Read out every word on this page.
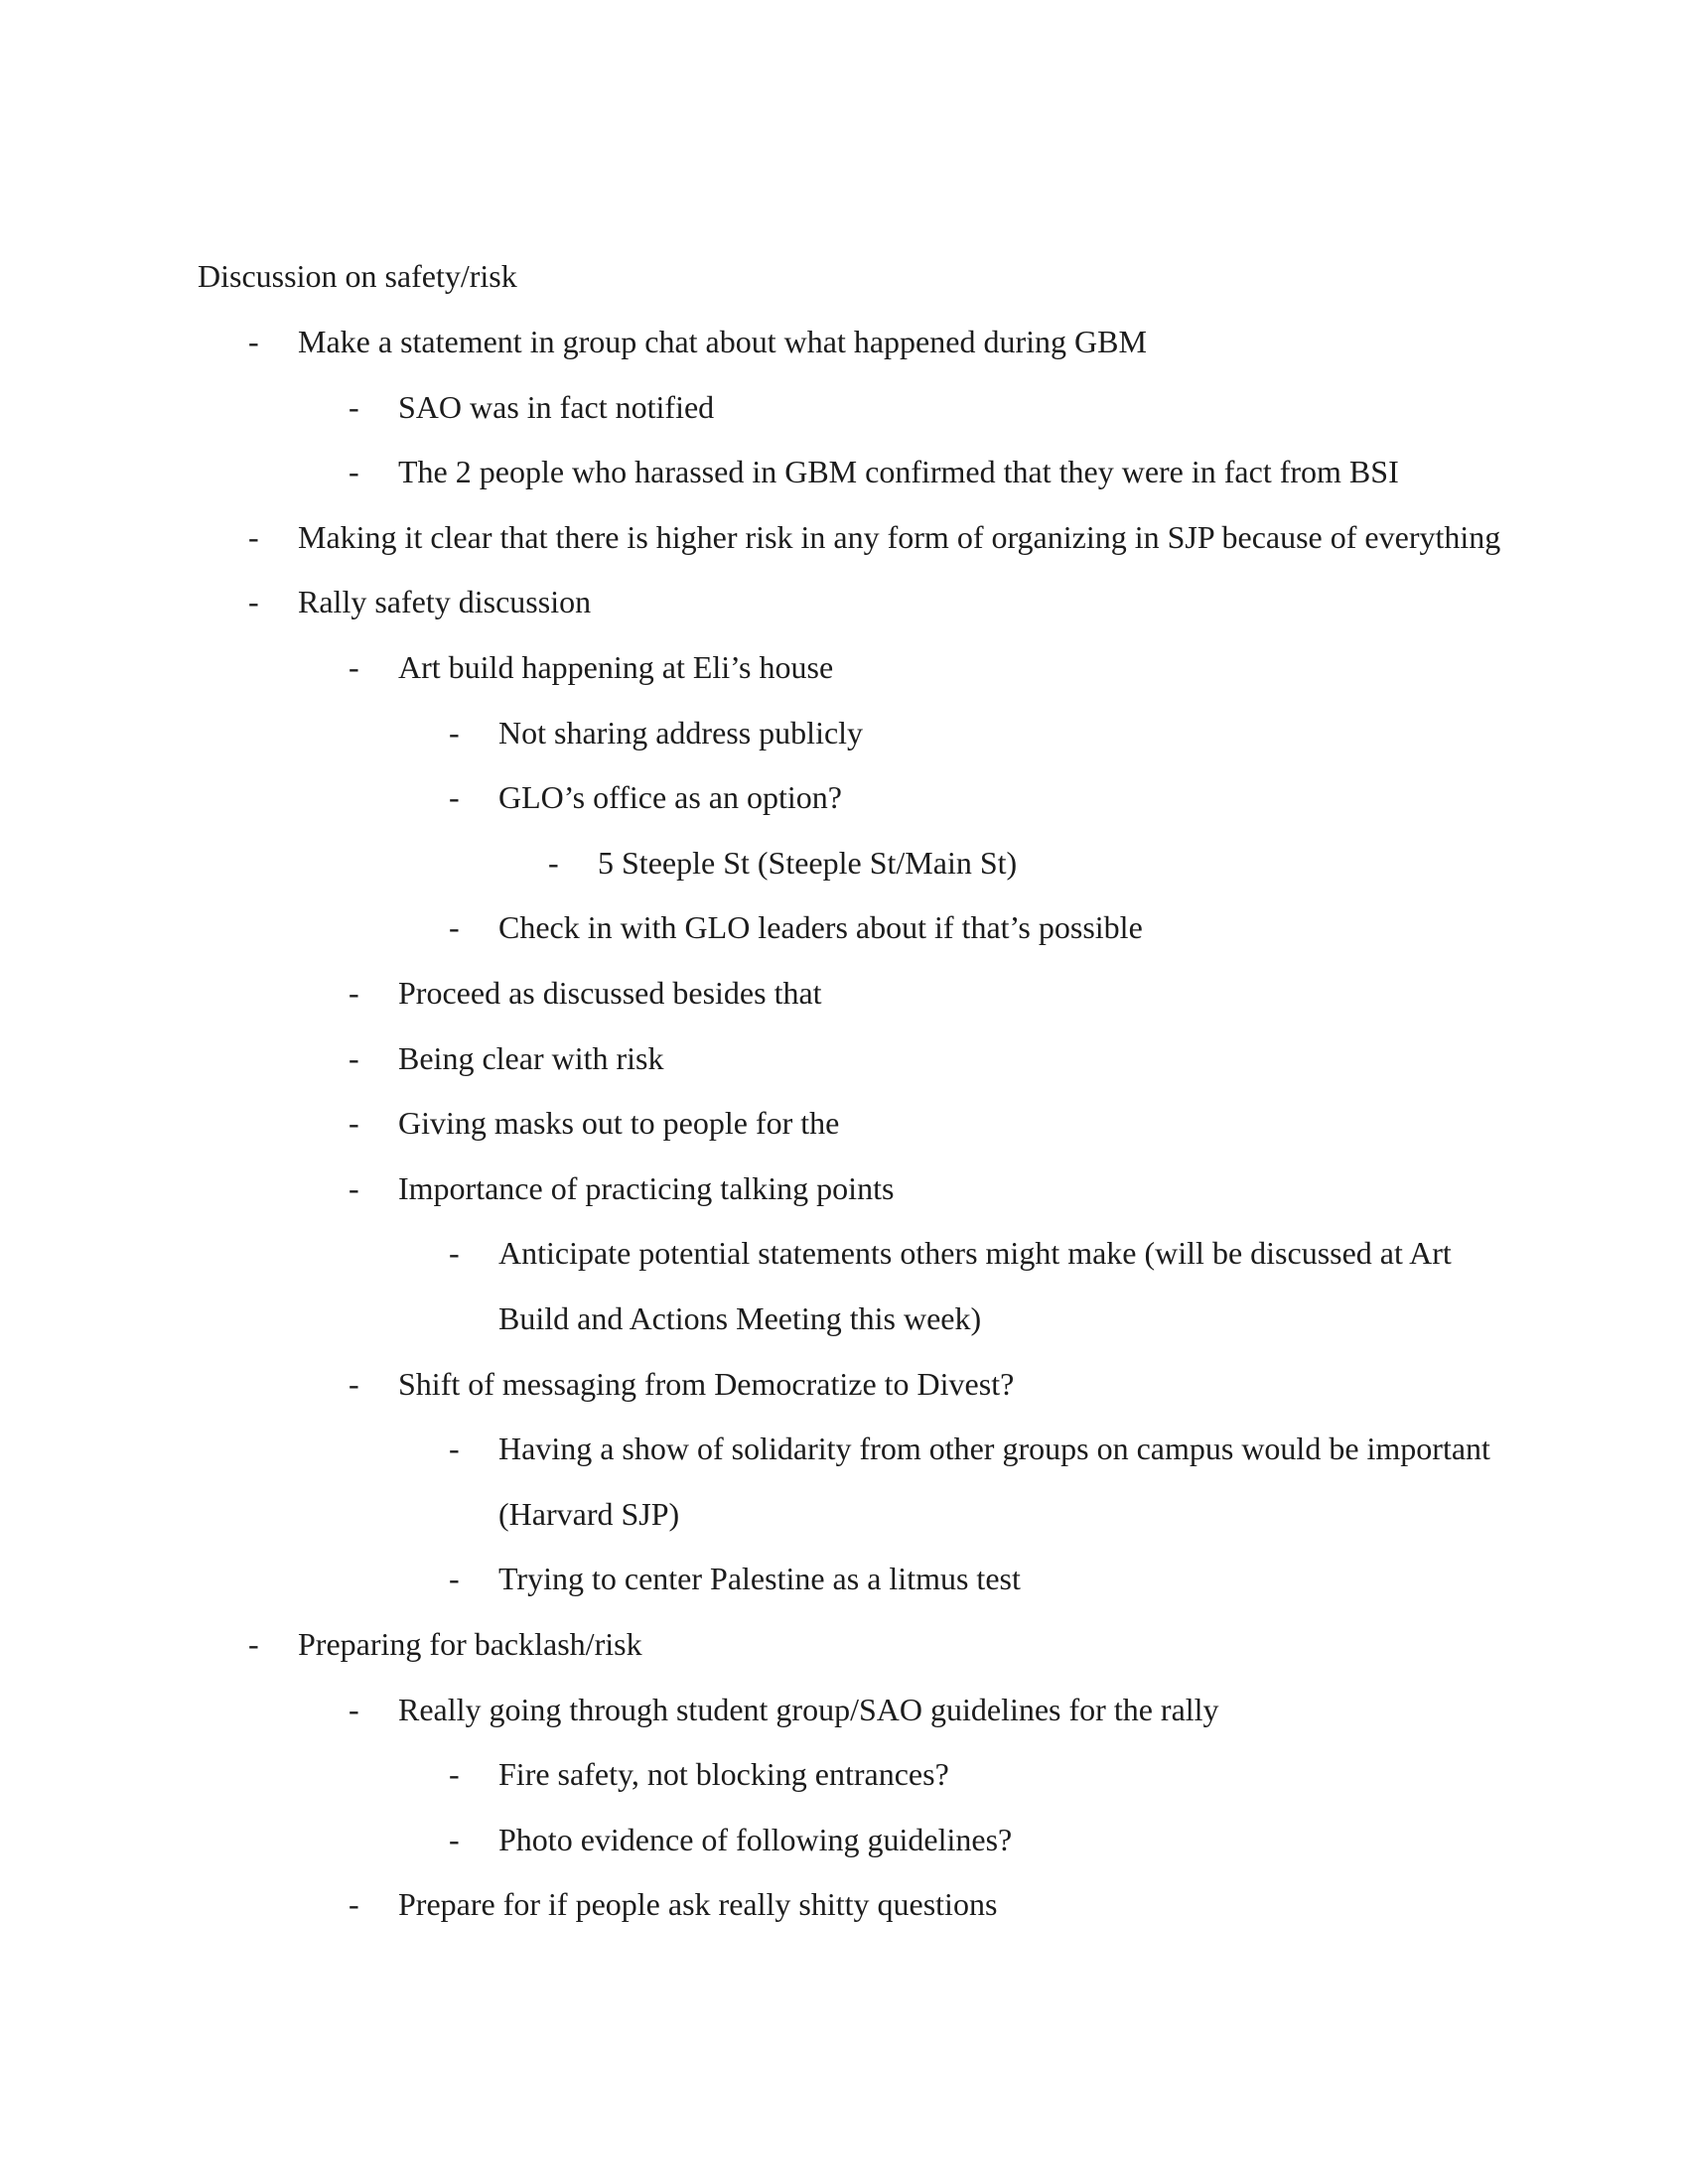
Discussion on safety/risk
- Make a statement in group chat about what happened during GBM
- SAO was in fact notified
- The 2 people who harassed in GBM confirmed that they were in fact from BSI
- Making it clear that there is higher risk in any form of organizing in SJP because of everything
- Rally safety discussion
- Art build happening at Eli’s house
- Not sharing address publicly
- GLO’s office as an option?
- 5 Steeple St (Steeple St/Main St)
- Check in with GLO leaders about if that’s possible
- Proceed as discussed besides that
- Being clear with risk
- Giving masks out to people for the
- Importance of practicing talking points
- Anticipate potential statements others might make (will be discussed at Art
Build and Actions Meeting this week)
- Shift of messaging from Democratize to Divest?
- Having a show of solidarity from other groups on campus would be important
(Harvard SJP)
- Trying to center Palestine as a litmus test
- Preparing for backlash/risk
- Really going through student group/SAO guidelines for the rally
- Fire safety, not blocking entrances?
- Photo evidence of following guidelines?
- Prepare for if people ask really shitty questions
